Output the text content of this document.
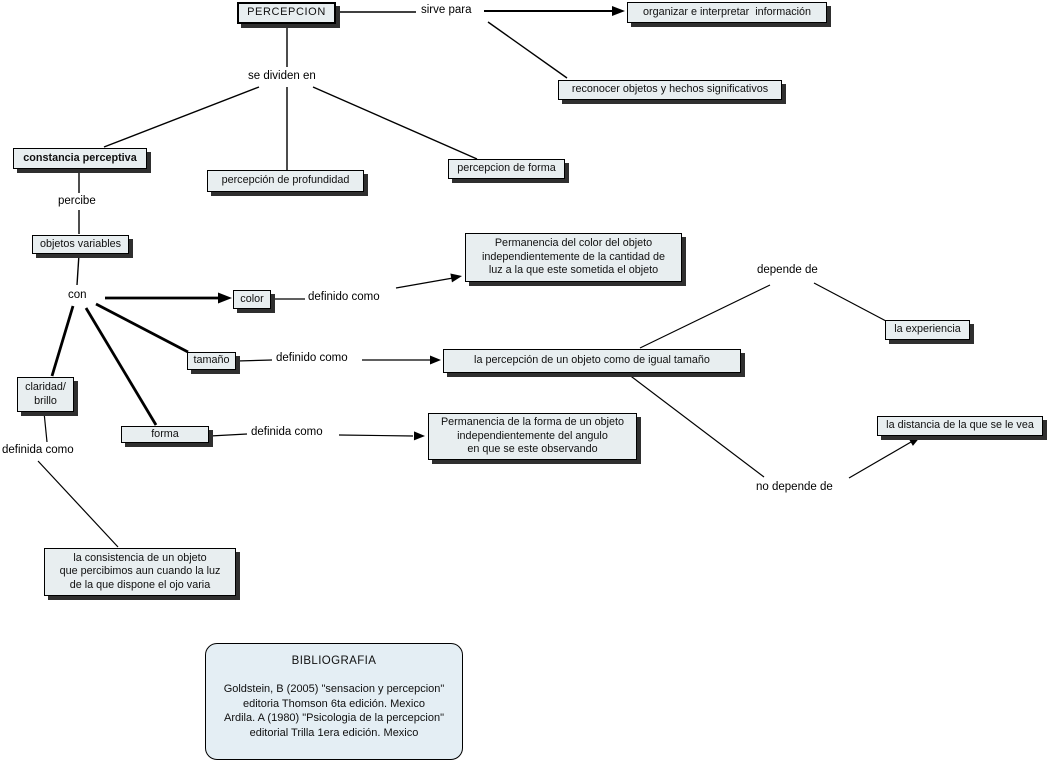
BIBLIOGRAFIA
Goldstein, B (2005) "sensacion y percepcion"
editoria Thomson 6ta edición. Mexico
Ardila. A (1980) "Psicologia de la percepcion"
editorial Trilla 1era edición. Mexico
PERCEPCION	organizar e interpretar  información
reconocer objetos y hechos significativos
constancia perceptiva
percepción de profundidad
percepcion de forma
objetos variables
color
tamaño
claridad/
brillo
forma
Permanencia del color del objeto
independientemente de la cantidad de
luz a la que este sometida el objeto
la percepción de un objeto como de igual tamaño
la experiencia
la distancia de la que se le vea
Permanencia de la forma de un objeto
independientemente del angulo
en que se este observando
la consistencia de un objeto
que percibimos aun cuando la luz
de la que dispone el ojo varia
sirve para
se dividen en
percibe
con	definido como
definido como
definida como
definida como
depende de
no depende de
